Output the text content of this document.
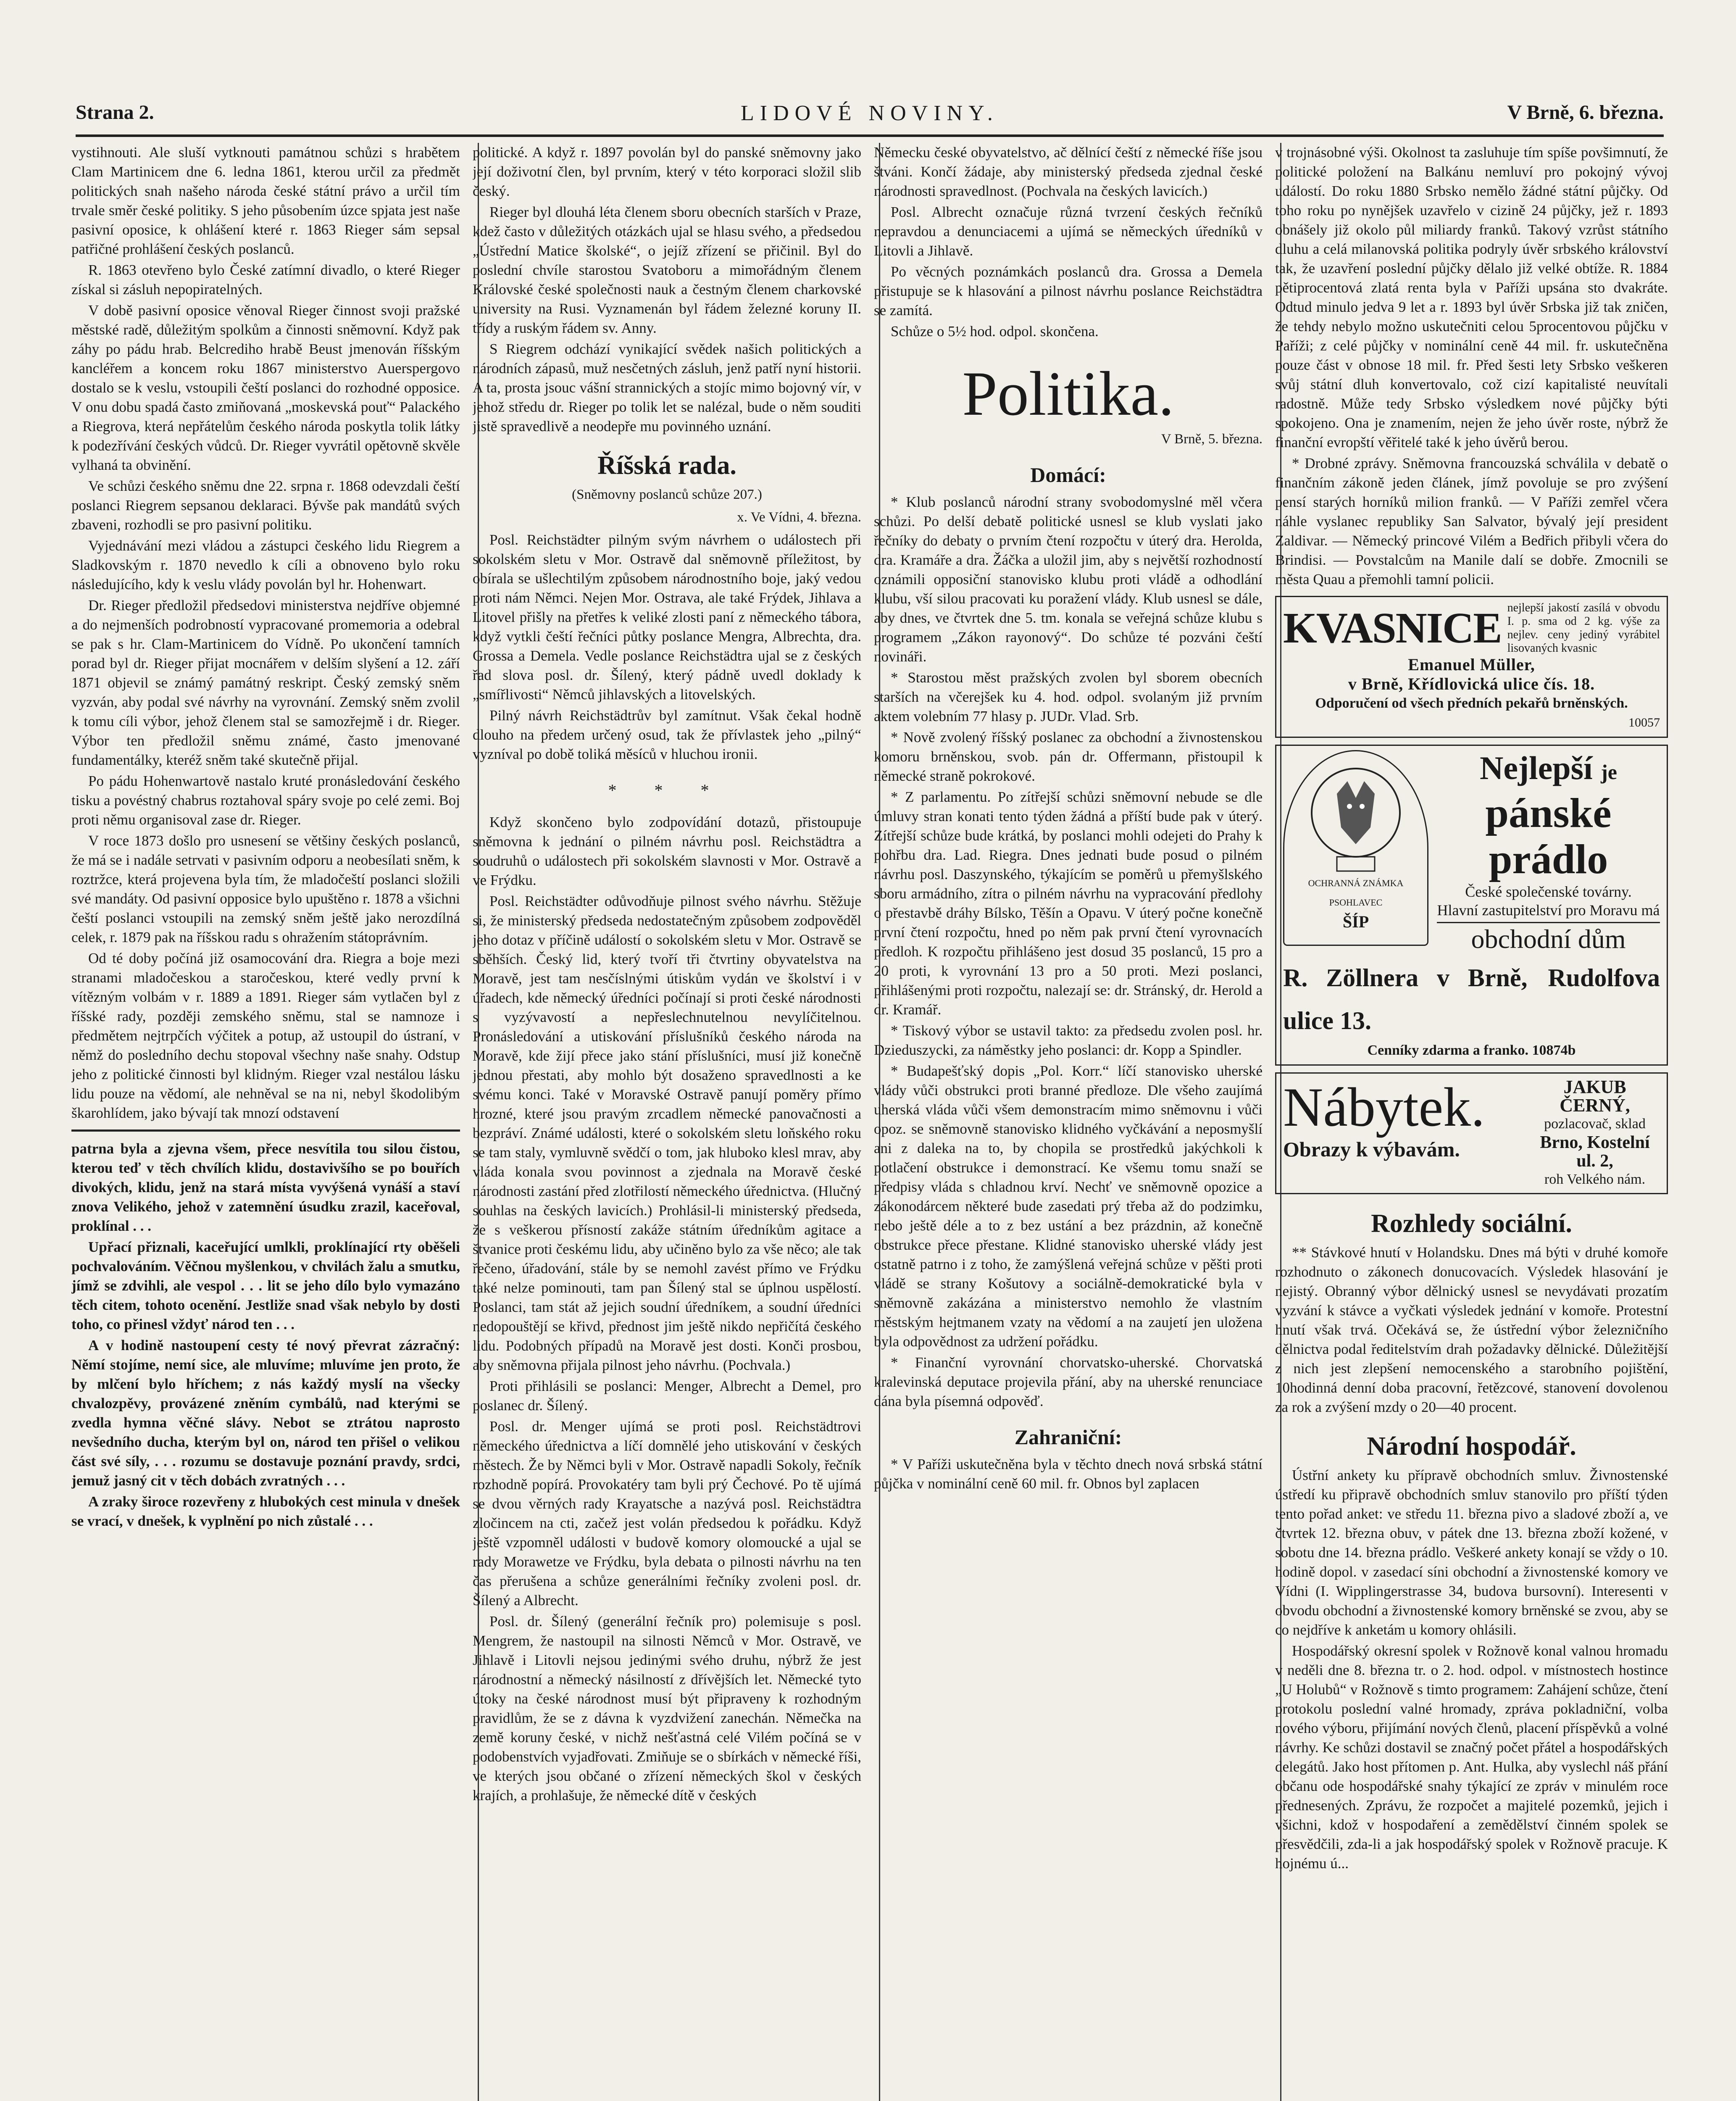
Strana 2.	LIDOVÉ NOVINY.	V Brně, 6. března.

vystihnouti. Ale sluší vytknouti památnou schůzi s hrabětem Clam Martinicem dne 6. ledna 1861, kterou určil za předmět politických snah našeho národa české státní právo a určil tím trvale směr české politiky. S jeho působením úzce spjata jest naše pasivní oposice, k ohlášení které r. 1863 Rieger sám sepsal patřičné prohlášení českých poslanců.

R. 1863 otevřeno bylo České zatímní divadlo, o které Rieger získal si zásluh nepopiratelných.

V době pasivní oposice věnoval Rieger činnost svoji pražské městské radě, důležitým spolkům a činnosti sněmovní. Když pak záhy po pádu hrab. Belcrediho hrabě Beust jmenován říšským kancléřem a koncem roku 1867 ministerstvo Auerspergovo dostalo se k veslu, vstoupili čeští poslanci do rozhodné opposice. V onu dobu spadá často zmiňovaná „moskevská pouť“ Palackého a Riegrova, která nepřátelům českého národa poskytla tolik látky k podezřívání českých vůdců. Dr. Rieger vyvrátil opětovně skvěle vylhaná ta obvinění.

Ve schůzi českého sněmu dne 22. srpna r. 1868 odevzdali čeští poslanci Riegrem sepsanou deklaraci. Bývše pak mandátů svých zbaveni, rozhodli se pro pasivní politiku.

Vyjednávání mezi vládou a zástupci českého lidu Riegrem a Sladkovským r. 1870 nevedlo k cíli a obnoveno bylo roku následujícího, kdy k veslu vlády povolán byl hr. Hohenwart.

Dr. Rieger předložil předsedovi ministerstva nejdříve objemné a do nejmenších podrobností vypracované promemoria a odebral se pak s hr. Clam-Martinicem do Vídně. Po ukončení tamních porad byl dr. Rieger přijat mocnářem v delším slyšení a 12. září 1871 objevil se známý památný reskript. Český zemský sněm vyzván, aby podal své návrhy na vyrovnání. Zemský sněm zvolil k tomu cíli výbor, jehož členem stal se samozřejmě i dr. Rieger. Výbor ten předložil sněmu známé, často jmenované fundamentálky, kteréž sněm také skutečně přijal.

Po pádu Hohenwartově nastalo kruté pronásledování českého tisku a povéstný chabrus roztahoval spáry svoje po celé zemi. Boj proti němu organisoval zase dr. Rieger.

V roce 1873 došlo pro usnesení se většiny českých poslanců, že má se i nadále setrvati v pasivním odporu a neobesílati sněm, k roztržce, která projevena byla tím, že mladočeští poslanci složili své mandáty. Od pasivní opposice bylo upuštěno r. 1878 a všichni čeští poslanci vstoupili na zemský sněm ještě jako nerozdílná celek, r. 1879 pak na říšskou radu s ohražením státoprávním.

Od té doby počíná již osamocování dra. Riegra a boje mezi stranami mladočeskou a staročeskou, které vedly první k vítězným volbám v r. 1889 a 1891. Rieger sám vytlačen byl z říšské rady, později zemského sněmu, stal se namnoze i předmětem nejtrpčích výčitek a potup, až ustoupil do ústraní, v němž do posledního dechu stopoval všechny naše snahy. Odstup jeho z politické činnosti byl klidným. Rieger vzal nestálou lásku lidu pouze na vědomí, ale nehněval se na ni, nebyl škodolibým škarohlídem, jako bývají tak mnozí odstavení

patrna byla a zjevna všem, přece nesvítila tou silou čistou, kterou teď v těch chvílích klidu, dostavivšího se po bouřích divokých, klidu, jenž na stará místa vyvýšená vynáší a staví znova Velikého, jehož v zatemnění úsudku zrazil, kaceřoval, proklínal . . .

Upřací přiznali, kaceřující umlkli, proklínající rty oběšeli pochvalováním. Věčnou myšlenkou, v chvilách žalu a smutku, jímž se zdvihli, ale vespol . . . lit se jeho dílo bylo vymazáno těch citem, tohoto ocenění. Jestliže snad však nebylo by dosti toho, co přinesl vždyť národ ten . . .

A v hodině nastoupení cesty té nový převrat zázračný: Němí stojíme, nemí sice, ale mluvíme; mluvíme jen proto, že by mlčení bylo hříchem; z nás každý myslí na všecky chvalozpěvy, provázené zněním cymbálů, nad kterými se zvedla hymna věčné slávy. Nebot se ztrátou naprosto nevšedního ducha, kterým byl on, národ ten přišel o velikou část své síly, . . . rozumu se dostavuje poznání pravdy, srdci, jemuž jasný cit v těch dobách zvratných . . .

A zraky široce rozevřeny z hlubokých cest minula v dnešek se vrací, v dnešek, k vyplnění po nich zůstalé . . .

politické. A když r. 1897 povolán byl do panské sněmovny jako její doživotní člen, byl prvním, který v této korporaci složil slib český.

Rieger byl dlouhá léta členem sboru obecních starších v Praze, kdež často v důležitých otázkách ujal se hlasu svého, a předsedou „Ústřední Matice školské“, o jejíž zřízení se přičinil. Byl do poslední chvíle starostou Svatoboru a mimořádným členem Královské české společnosti nauk a čestným členem charkovské university na Rusi. Vyznamenán byl řádem železné koruny II. třídy a ruským řádem sv. Anny.

S Riegrem odchází vynikající svědek našich politických a národních zápasů, muž nesčetných zásluh, jenž patří nyní historii. A ta, prosta jsouc vášní strannických a stojíc mimo bojovný vír, v jehož středu dr. Rieger po tolik let se nalézal, bude o něm souditi jistě spravedlivě a neodepře mu povinného uznání.

Říšská rada.
(Sněmovny poslanců schůze 207.)
x. Ve Vídni, 4. března.

Posl. Reichstädter pilným svým návrhem o událostech při sokolském sletu v Mor. Ostravě dal sněmovně příležitost, by obírala se ušlechtilým způsobem národnostního boje, jaký vedou proti nám Němci. Nejen Mor. Ostrava, ale také Frýdek, Jihlava a Litovel přišly na přetřes k veliké zlosti paní z německého tábora, když vytkli čeští řečníci půtky poslance Mengra, Albrechta, dra. Grossa a Demela. Vedle poslance Reichstädtra ujal se z českých řad slova posl. dr. Šílený, který pádně uvedl doklady k „smířlivosti“ Němců jihlavských a litovelských.

Pilný návrh Reichstädtrův byl zamítnut. Však čekal hodně dlouho na předem určený osud, tak že přívlastek jeho „pilný“ vyzníval po době toliká měsíců v hluchou ironii.

* * *

Když skončeno bylo zodpovídání dotazů, přistoupuje sněmovna k jednání o pilném návrhu posl. Reichstädtra a soudruhů o událostech při sokolském slavnosti v Mor. Ostravě a ve Frýdku.

Posl. Reichstädter odůvodňuje pilnost svého návrhu. Stěžuje si, že ministerský předseda nedostatečným způsobem zodpověděl jeho dotaz v příčině událostí o sokolském sletu v Mor. Ostravě se sběhších. Český lid, který tvoří tři čtvrtiny obyvatelstva na Moravě, jest tam nesčíslnými útiskům vydán ve školství i v úřadech, kde německý úředníci počínají si proti české národnosti s vyzývavostí a nepřeslechnutelnou nevylíčitelnou. Pronásledování a utiskování příslušníků českého národa na Moravě, kde žijí přece jako stání příslušníci, musí již konečně jednou přestati, aby mohlo být dosaženo spravedlnosti a ke svému konci. Také v Moravské Ostravě panují poměry přímo hrozné, které jsou pravým zrcadlem německé panovačnosti a bezpráví. Známé události, které o sokolském sletu loňského roku se tam staly, vymluvně svědčí o tom, jak hluboko klesl mrav, aby vláda konala svou povinnost a zjednala na Moravě české národnosti zastání před zlotřilostí německého úřednictva. (Hlučný souhlas na českých lavicích.) Prohlásil-li ministerský předseda, že s veškerou přísností zakáže státním úředníkům agitace a štvanice proti českému lidu, aby učiněno bylo za vše něco; ale tak řečeno, úřadování, stále by se nemohl zavést přímo ve Frýdku také nelze pominouti, tam pan Šílený stal se úplnou uspělostí. Poslanci, tam stát až jejich soudní úředníkem, a soudní úředníci nedopouštějí se křivd, přednost jim ještě nikdo nepřičítá českého lidu. Podobných případů na Moravě jest dosti. Konči prosbou, aby sněmovna přijala pilnost jeho návrhu. (Pochvala.)

Proti přihlásili se poslanci: Menger, Albrecht a Demel, pro poslanec dr. Šílený.

Posl. dr. Menger ujímá se proti posl. Reichstädtrovi německého úřednictva a líčí domnělé jeho utiskování v českých městech. Že by Němci byli v Mor. Ostravě napadli Sokoly, řečník rozhodně popírá. Provokatéry tam byli prý Čechové. Po tě ujímá se dvou věrných rady Krayatsche a nazývá posl. Reichstädtra zločincem na cti, začež jest volán předsedou k pořádku. Když ještě vzpomněl události v budově komory olomoucké a ujal se rady Morawetze ve Frýdku, byla debata o pilnosti návrhu na ten čas přerušena a schůze generálními řečníky zvoleni posl. dr. Šílený a Albrecht.

Posl. dr. Šílený (generální řečník pro) polemisuje s posl. Mengrem, že nastoupil na silnosti Němců v Mor. Ostravě, ve Jihlavě i Litovli nejsou jedinými svého druhu, nýbrž že jest národnostní a německý násilností z dřívějších let. Německé tyto útoky na české národnost musí být připraveny k rozhodným pravidlům, že se z dávna k vyzdvižení zanechán. Němečka na země koruny české, v nichž nešťastná celé Vilém počíná se v podobenstvích vyjadřovati. Zmiňuje se o sbírkách v německé říši, ve kterých jsou občané o zřízení německých škol v českých krajích, a prohlašuje, že německé dítě v českých

Německu české obyvatelstvo, ač dělnící čeští z německé říše jsou štváni. Končí žádaje, aby ministerský předseda zjednal české národnosti spravedlnost. (Pochvala na českých lavicích.)

Posl. Albrecht označuje různá tvrzení českých řečníků nepravdou a denunciacemi a ujímá se německých úředníků v Litovli a Jihlavě.

Po věcných poznámkách poslanců dra. Grossa a Demela přistupuje se k hlasování a pilnost návrhu poslance Reichstädtra se zamítá.

Schůze o 5½ hod. odpol. skončena.

Politika.
V Brně, 5. března.
Domácí:

* Klub poslanců národní strany svobodomyslné měl včera schůzi. Po delší debatě politické usnesl se klub vyslati jako řečníky do debaty o prvním čtení rozpočtu v úterý dra. Herolda, dra. Kramáře a dra. Žáčka a uložil jim, aby s největší rozhodností oznámili opposiční stanovisko klubu proti vládě a odhodlání klubu, vší silou pracovati ku poražení vlády. Klub usnesl se dále, aby dnes, ve čtvrtek dne 5. tm. konala se veřejná schůze klubu s programem „Zákon rayonový“. Do schůze té pozváni čeští novináři.

* Starostou měst pražských zvolen byl sborem obecních starších na včerejšek ku 4. hod. odpol. svolaným již prvním aktem volebním 77 hlasy p. JUDr. Vlad. Srb.

* Nově zvolený říšský poslanec za obchodní a živnostenskou komoru brněnskou, svob. pán dr. Offermann, přistoupil k německé straně pokrokové.

* Z parlamentu. Po zítřejší schůzi sněmovní nebude se dle úmluvy stran konati tento týden žádná a příští bude pak v úterý. Zítřejší schůze bude krátká, by poslanci mohli odejeti do Prahy k pohřbu dra. Lad. Riegra. Dnes jednati bude posud o pilném návrhu posl. Daszynského, týkajícím se poměrů u přemyšlského sboru armádního, zítra o pilném návrhu na vypracování předlohy o přestavbě dráhy Bílsko, Těšín a Opavu. V úterý počne konečně první čtení rozpočtu, hned po něm pak první čtení vyrovnacích předloh. K rozpočtu přihlášeno jest dosud 35 poslanců, 15 pro a 20 proti, k vyrovnání 13 pro a 50 proti. Mezi poslanci, přihlášenými proti rozpočtu, nalezají se: dr. Stránský, dr. Herold a dr. Kramář.

* Tiskový výbor se ustavil takto: za předsedu zvolen posl. hr. Dzieduszycki, za náměstky jeho poslanci: dr. Kopp a Spindler.

* Budapešťský dopis „Pol. Korr.“ líčí stanovisko uherské vlády vůči obstrukci proti branné předloze. Dle všeho zaujímá uherská vláda vůči všem demonstracím mimo sněmovnu i vůči opoz. se sněmovně stanovisko klidného vyčkávání a neposmyšlí ani z daleka na to, by chopila se prostředků jakýchkoli k potlačení obstrukce i demonstrací. Ke všemu tomu snaží se předpisy vláda s chladnou krví. Nechť ve sněmovně opozice a zákonodárcem některé bude zasedati prý třeba až do podzimku, nebo ještě déle a to z bez ustání a bez prázdnin, až konečně obstrukce přece přestane. Klidné stanovisko uherské vlády jest ostatně patrno i z toho, že zamýšlená veřejná schůze v pěšti proti vládě se strany Košutovy a sociálně-demokratické byla v sněmovně zakázána a ministerstvo nemohlo že vlastním městským hejtmanem vzaty na vědomí a na zaujetí jen uložena byla odpovědnost za udržení pořádku.

* Finanční vyrovnání chorvatsko-uherské. Chorvatská kralevinská deputace projevila přání, aby na uherské renunciace dána byla písemná odpověď.

Zahraniční:

* V Paříži uskutečněna byla v těchto dnech nová srbská státní půjčka v nominální ceně 60 mil. fr. Obnos byl zaplacen

v trojnásobné výši. Okolnost ta zasluhuje tím spíše povšimnutí, že politické položení na Balkánu nemluví pro pokojný vývoj událostí. Do roku 1880 Srbsko nemělo žádné státní půjčky. Od toho roku po nynějšek uzavřelo v cizině 24 půjčky, jež r. 1893 obnášely již okolo půl miliardy franků. Takový vzrůst státního dluhu a celá milanovská politika podryly úvěr srbského království tak, že uzavření poslední půjčky dělalo již velké obtíže. R. 1884 pětiprocentová zlatá renta byla v Paříži upsána sto dvakráte. Odtud minulo jedva 9 let a r. 1893 byl úvěr Srbska již tak zničen, že tehdy nebylo možno uskutečniti celou 5procentovou půjčku v Paříži; z celé půjčky v nominální ceně 44 mil. fr. uskutečněna pouze část v obnose 18 mil. fr. Před šesti lety Srbsko veškeren svůj státní dluh konvertovalo, což cizí kapitalisté neuvítali radostně. Může tedy Srbsko výsledkem nové půjčky býti spokojeno. Ona je znamením, nejen že jeho úvěr roste, nýbrž že finanční evropští věřitelé také k jeho úvěrů berou.

* Drobné zprávy. Sněmovna francouzská schválila v debatě o finančním zákoně jeden článek, jímž povoluje se pro zvýšení pensí starých horníků milion franků. — V Paříži zemřel včera náhle vyslanec republiky San Salvator, bývalý její president Zaldivar. — Německý princové Vilém a Bedřich přibyli včera do Brindisi. — Povstalcům na Manile dalí se dobře. Zmocnili se města Quau a přemohli tamní policii.

KVASNICE nejlepší jakostí zasílá v obvodu I. p. sma od 2 kg. výše za nejlev. ceny jediný vyrábitel lisovaných kvasnic
Emanuel Müller,
v Brně, Křídlovická ulice čís. 18.
Odporučení od všech předních pekařů brněnských.
10057
OCHRANNÁ ZNÁMKA PSOHLAVEC
ŠÍP
Nejlepší je
pánské prádlo
České společenské továrny.
Hlavní zastupitelství pro Moravu má
obchodní dům
R. Zöllnera v Brně, Rudolfova ulice 13.
Cenníky zdarma a franko. 10874b
Nábytek.
Obrazy k výbavám.
JAKUB ČERNÝ,
pozlacovač, sklad
Brno, Kostelní ul. 2,
roh Velkého nám.
Rozhledy sociální.

** Stávkové hnutí v Holandsku. Dnes má býti v druhé komoře rozhodnuto o zákonech donucovacích. Výsledek hlasování je nejistý. Obranný výbor dělnický usnesl se nevydávati prozatím vyzvání k stávce a vyčkati výsledek jednání v komoře. Protestní hnutí však trvá. Očekává se, že ústřední výbor železničního dělnictva podal ředitelstvím drah požadavky dělnické. Důležitější z nich jest zlepšení nemocenského a starobního pojištění, 10hodinná denní doba pracovní, řetězcové, stanovení dovolenou za rok a zvýšení mzdy o 20—40 procent.

Národní hospodář.

Ústřní ankety ku přípravě obchodních smluv. Živnostenské ústředí ku připravě obchodních smluv stanovilo pro příští týden tento pořad anket: ve středu 11. března pivo a sladové zboží a, ve čtvrtek 12. března obuv, v pátek dne 13. března zboží kožené, v sobotu dne 14. března prádlo. Veškeré ankety konají se vždy o 10. hodině dopol. v zasedací síni obchodní a živnostenské komory ve Vídni (I. Wipplingerstrasse 34, budova bursovní). Interesenti v obvodu obchodní a živnostenské komory brněnské se zvou, aby se co nejdříve k anketám u komory ohlásili.

Hospodářský okresní spolek v Rožnově konal valnou hromadu v neděli dne 8. března tr. o 2. hod. odpol. v místnostech hostince „U Holubů“ v Rožnově s timto programem: Zahájení schůze, čtení protokolu poslední valné hromady, zpráva pokladniční, volba nového výboru, přijímání nových členů, placení příspěvků a volné návrhy. Ke schůzi dostavil se značný počet přátel a hospodářských delegátů. Jako host přítomen p. Ant. Hulka, aby vyslechl náš přání občanu ode hospodářské snahy týkající ze zpráv v minulém roce přednesených. Zprávu, že rozpočet a majitelé pozemků, jejich i všichni, kdož v hospodaření a zemědělství činném spolek se přesvědčili, zda-li a jak hospodářský spolek v Rožnově pracuje. K hojnému ú...
